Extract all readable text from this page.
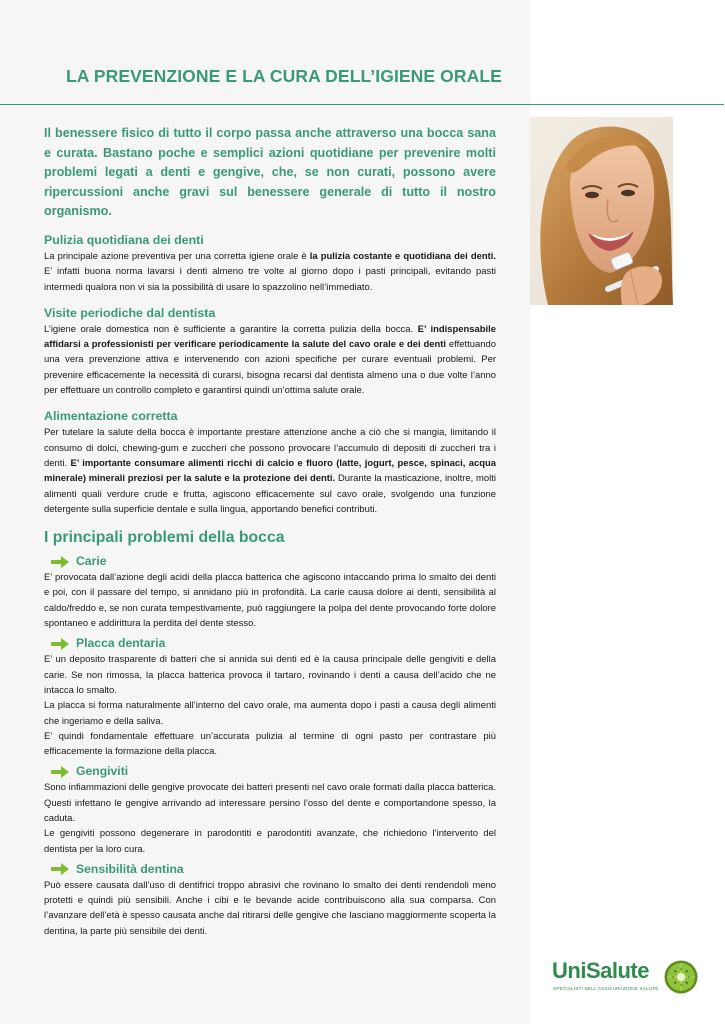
LA PREVENZIONE E LA CURA DELL’IGIENE ORALE

Il benessere fisico di tutto il corpo passa anche attraverso una bocca sana e curata. Bastano poche e semplici azioni quotidiane per prevenire molti problemi legati a denti e gengive, che, se non curati, possono avere ripercussioni anche gravi sul benessere generale di tutto il nostro organismo.

Pulizia quotidiana dei denti

La principale azione preventiva per una corretta igiene orale è la pulizia costante e quotidiana dei denti. E’ infatti buona norma lavarsi i denti almeno tre volte al giorno dopo i pasti principali, evitando pasti intermedi qualora non vi sia la possibilità di usare lo spazzolino nell’immediato.

Visite periodiche dal dentista

L’igiene orale domestica non è sufficiente a garantire la corretta pulizia della bocca. E’ indispensabile affidarsi a professionisti per verificare periodicamente la salute del cavo orale e dei denti effettuando una vera prevenzione attiva e intervenendo con azioni specifiche per curare eventuali problemi. Per prevenire efficacemente la necessità di curarsi, bisogna recarsi dal dentista almeno una o due volte l’anno per effettuare un controllo completo e garantirsi quindi un’ottima salute orale.

Alimentazione corretta

Per tutelare la salute della bocca è importante prestare attenzione anche a ciò che si mangia, limitando il consumo di dolci, chewing-gum e zuccheri che possono provocare l’accumulo di depositi di zuccheri tra i denti. E’ importante consumare alimenti ricchi di calcio e fluoro (latte, jogurt, pesce, spinaci, acqua minerale) minerali preziosi per la salute e la protezione dei denti. Durante la masticazione, inoltre, molti alimenti quali verdure crude e frutta, agiscono efficacemente sul cavo orale, svolgendo una funzione detergente sulla superficie dentale e sulla lingua, apportando benefici contributi.

I principali problemi della bocca
Carie

E’ provocata dall’azione degli acidi della placca batterica che agiscono intaccando prima lo smalto dei denti e poi, con il passare del tempo, si annidano più in profondità. La carie causa dolore ai denti, sensibilità al caldo/freddo e, se non curata tempestivamente, può raggiungere la polpa del dente provocando forte dolore spontaneo e addirittura la perdita del dente stesso.

Placca dentaria

E’ un deposito trasparente di batteri che si annida sui denti ed è la causa principale delle gengiviti e della carie. Se non rimossa, la placca batterica provoca il tartaro, rovinando i denti a causa dell’acido che ne intacca lo smalto.

La placca si forma naturalmente all’interno del cavo orale, ma aumenta dopo i pasti a causa degli alimenti che ingeriamo e della saliva.

E’ quindi fondamentale effettuare un’accurata pulizia al termine di ogni pasto per contrastare più efficacemente la formazione della placca.

Gengiviti

Sono infiammazioni delle gengive provocate dei batteri presenti nel cavo orale formati dalla placca batterica. Questi infettano le gengive arrivando ad interessare persino l’osso del dente e comportandone spesso, la caduta.

Le gengiviti possono degenerare in parodontiti e parodontiti avanzate, che richiedono l’intervento del dentista per la loro cura.

Sensibilità dentina

Può essere causata dall’uso di dentifrici troppo abrasivi che rovinano lo smalto dei denti rendendoli meno protetti e quindi più sensibili. Anche i cibi e le bevande acide contribuiscono alla sua comparsa. Con l’avanzare dell’età è spesso causata anche dal ritirarsi delle gengive che lasciano maggiormente scoperta la dentina, la parte più sensibile dei denti.

UniSalute
SPECIALISTI NELL'ASSICURAZIONE SALUTE
